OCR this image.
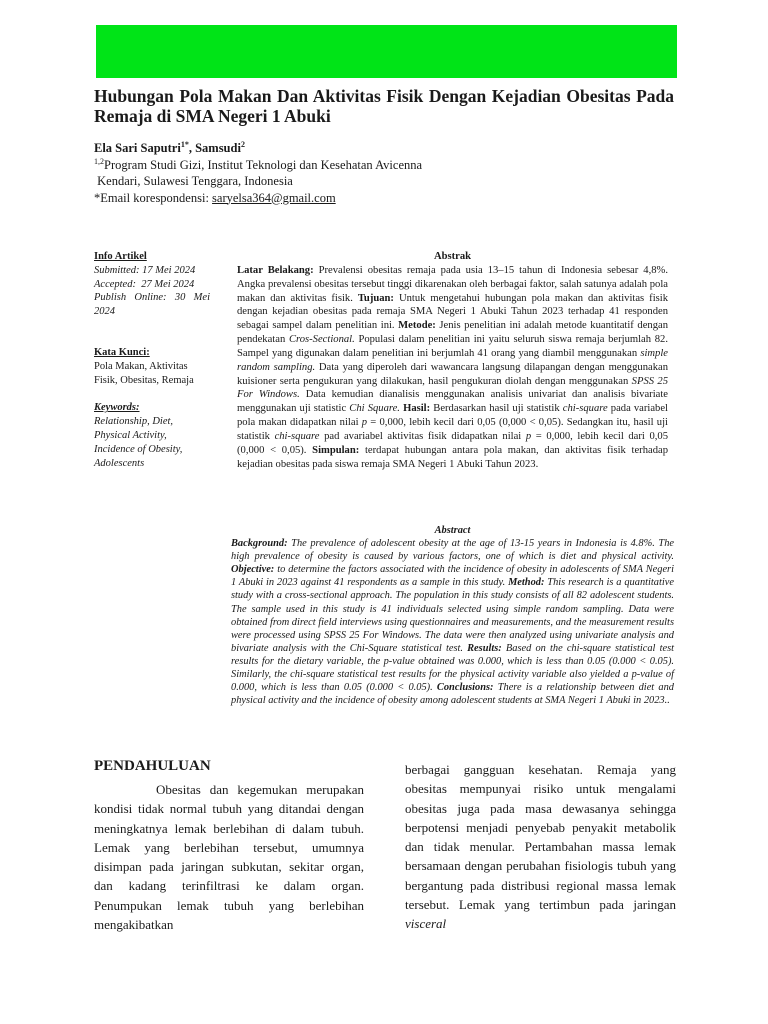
Hubungan Pola Makan Dan Aktivitas Fisik Dengan Kejadian Obesitas Pada Remaja di SMA Negeri 1 Abuki
Ela Sari Saputri$^{1*}$, Samsudi$^2$
$^{1,2}$Program Studi Gizi, Institut Teknologi dan Kesehatan Avicenna
Kendari, Sulawesi Tenggara, Indonesia
*Email korespondensi: saryelsa364@gmail.com
Info Artikel
Submitted: 17 Mei 2024
Accepted: 27 Mei 2024
Publish Online: 30 Mei 2024
Kata Kunci:
Pola Makan, Aktivitas Fisik, Obesitas, Remaja
Keywords:
Relationship, Diet, Physical Activity, Incidence of Obesity, Adolescents
Abstrak
Latar Belakang: Prevalensi obesitas remaja pada usia 13–15 tahun di Indonesia sebesar 4,8%. Angka prevalensi obesitas tersebut tinggi dikarenakan oleh berbagai faktor, salah satunya adalah pola makan dan aktivitas fisik. Tujuan: Untuk mengetahui hubungan pola makan dan aktivitas fisik dengan kejadian obesitas pada remaja SMA Negeri 1 Abuki Tahun 2023 terhadap 41 responden sebagai sampel dalam penelitian ini. Metode: Jenis penelitian ini adalah metode kuantitatif dengan pendekatan Cros-Sectional. Populasi dalam penelitian ini yaitu seluruh siswa remaja berjumlah 82. Sampel yang digunakan dalam penelitian ini berjumlah 41 orang yang diambil menggunakan simple random sampling. Data yang diperoleh dari wawancara langsung dilapangan dengan menggunakan kuisioner serta pengukuran yang dilakukan, hasil pengukuran diolah dengan menggunakan SPSS 25 For Windows. Data kemudian dianalisis menggunakan analisis univariat dan analisis bivariate menggunakan uji statistic Chi Square. Hasil: Berdasarkan hasil uji statistik chi-square pada variabel pola makan didapatkan nilai p = 0,000, lebih kecil dari 0,05 (0,000 < 0,05). Sedangkan itu, hasil uji statistik chi-square pad avariabel aktivitas fisik didapatkan nilai p = 0,000, lebih kecil dari 0,05 (0,000 < 0,05). Simpulan: terdapat hubungan antara pola makan, dan aktivitas fisik terhadap kejadian obesitas pada siswa remaja SMA Negeri 1 Abuki Tahun 2023.
Abstract
Background: The prevalence of adolescent obesity at the age of 13-15 years in Indonesia is 4.8%. The high prevalence of obesity is caused by various factors, one of which is diet and physical activity. Objective: to determine the factors associated with the incidence of obesity in adolescents of SMA Negeri 1 Abuki in 2023 against 41 respondents as a sample in this study. Method: This research is a quantitative study with a cross-sectional approach. The population in this study consists of all 82 adolescent students. The sample used in this study is 41 individuals selected using simple random sampling. Data were obtained from direct field interviews using questionnaires and measurements, and the measurement results were processed using SPSS 25 For Windows. The data were then analyzed using univariate analysis and bivariate analysis with the Chi-Square statistical test. Results: Based on the chi-square statistical test results for the dietary variable, the p-value obtained was 0.000, which is less than 0.05 (0.000 < 0.05). Similarly, the chi-square statistical test results for the physical activity variable also yielded a p-value of 0.000, which is less than 0.05 (0.000 < 0.05). Conclusions: There is a relationship between diet and physical activity and the incidence of obesity among adolescent students at SMA Negeri 1 Abuki in 2023..
PENDAHULUAN

Obesitas dan kegemukan merupakan kondisi tidak normal tubuh yang ditandai dengan meningkatnya lemak berlebihan di dalam tubuh. Lemak yang berlebihan tersebut, umumnya disimpan pada jaringan subkutan, sekitar organ, dan kadang terinfiltrasi ke dalam organ. Penumpukan lemak tubuh yang berlebihan mengakibatkan

berbagai gangguan kesehatan. Remaja yang obesitas mempunyai risiko untuk mengalami obesitas juga pada masa dewasanya sehingga berpotensi menjadi penyebab penyakit metabolik dan tidak menular. Pertambahan massa lemak bersamaan dengan perubahan fisiologis tubuh yang bergantung pada distribusi regional massa lemak tersebut. Lemak yang tertimbun pada jaringan visceral
